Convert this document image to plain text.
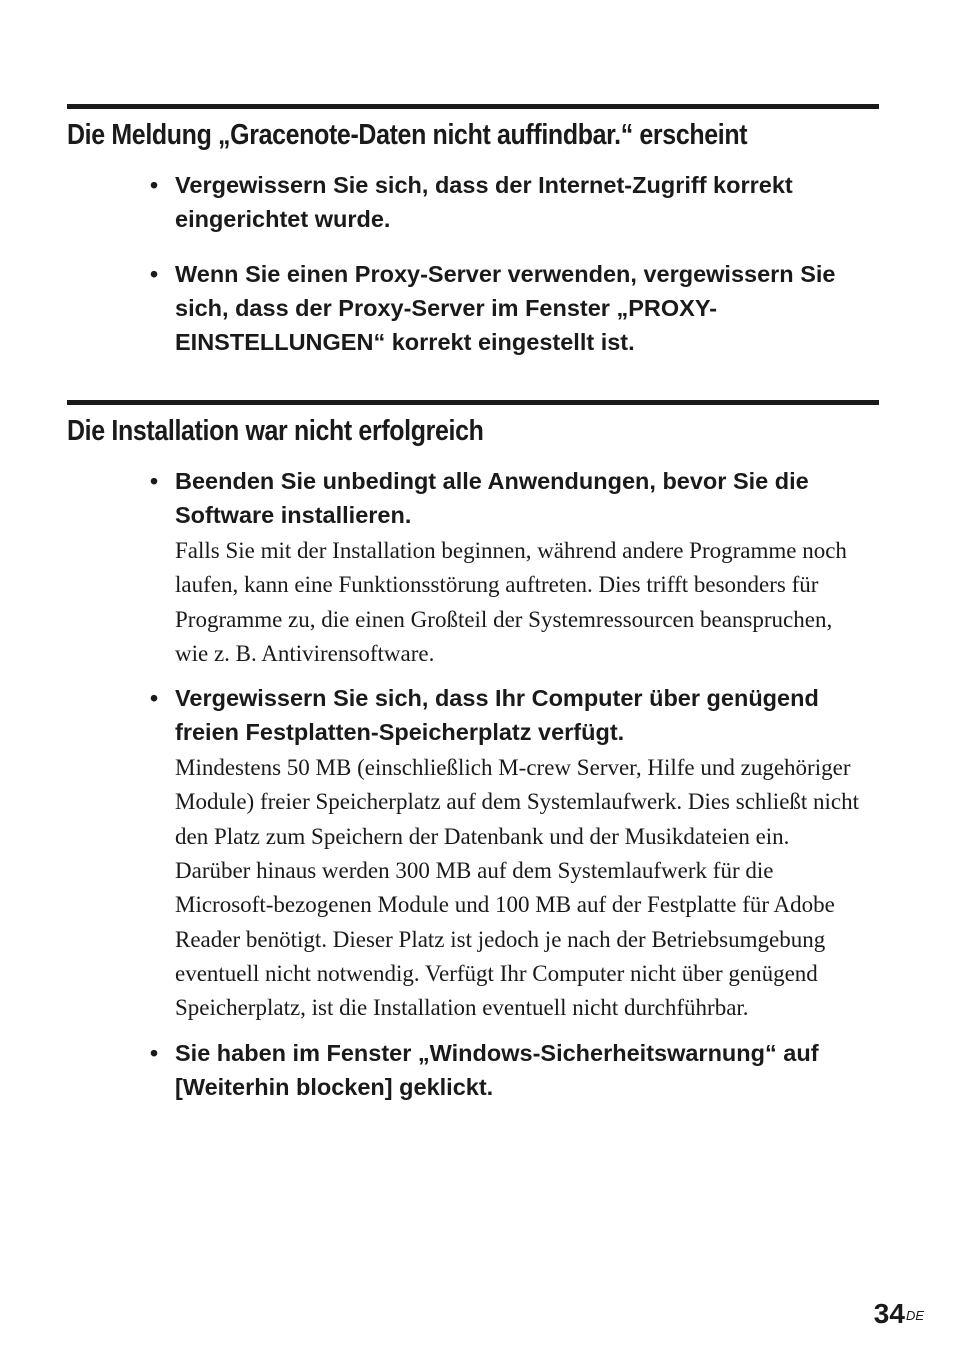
Die Meldung „Gracenote-Daten nicht auffindbar.“ erscheint
• Vergewissern Sie sich, dass der Internet-Zugriff korrekt eingerichtet wurde.

• Wenn Sie einen Proxy-Server verwenden, vergewissern Sie sich, dass der Proxy-Server im Fenster „PROXY-EINSTELLUNGEN“ korrekt eingestellt ist.

Die Installation war nicht erfolgreich
• Beenden Sie unbedingt alle Anwendungen, bevor Sie die Software installieren.

Falls Sie mit der Installation beginnen, während andere Programme noch laufen, kann eine Funktionsstörung auftreten. Dies trifft besonders für Programme zu, die einen Großteil der Systemressourcen beanspruchen, wie z. B. Antivirensoftware.

• Vergewissern Sie sich, dass Ihr Computer über genügend freien Festplatten-Speicherplatz verfügt.

Mindestens 50 MB (einschließlich M-crew Server, Hilfe und zugehöriger Module) freier Speicherplatz auf dem Systemlaufwerk. Dies schließt nicht den Platz zum Speichern der Datenbank und der Musikdateien ein. Darüber hinaus werden 300 MB auf dem Systemlaufwerk für die Microsoft-bezogenen Module und 100 MB auf der Festplatte für Adobe Reader benötigt. Dieser Platz ist jedoch je nach der Betriebsumgebung eventuell nicht notwendig. Verfügt Ihr Computer nicht über genügend Speicherplatz, ist die Installation eventuell nicht durchführbar.

• Sie haben im Fenster „Windows-Sicherheitswarnung“ auf [Weiterhin blocken] geklickt.

34DE
